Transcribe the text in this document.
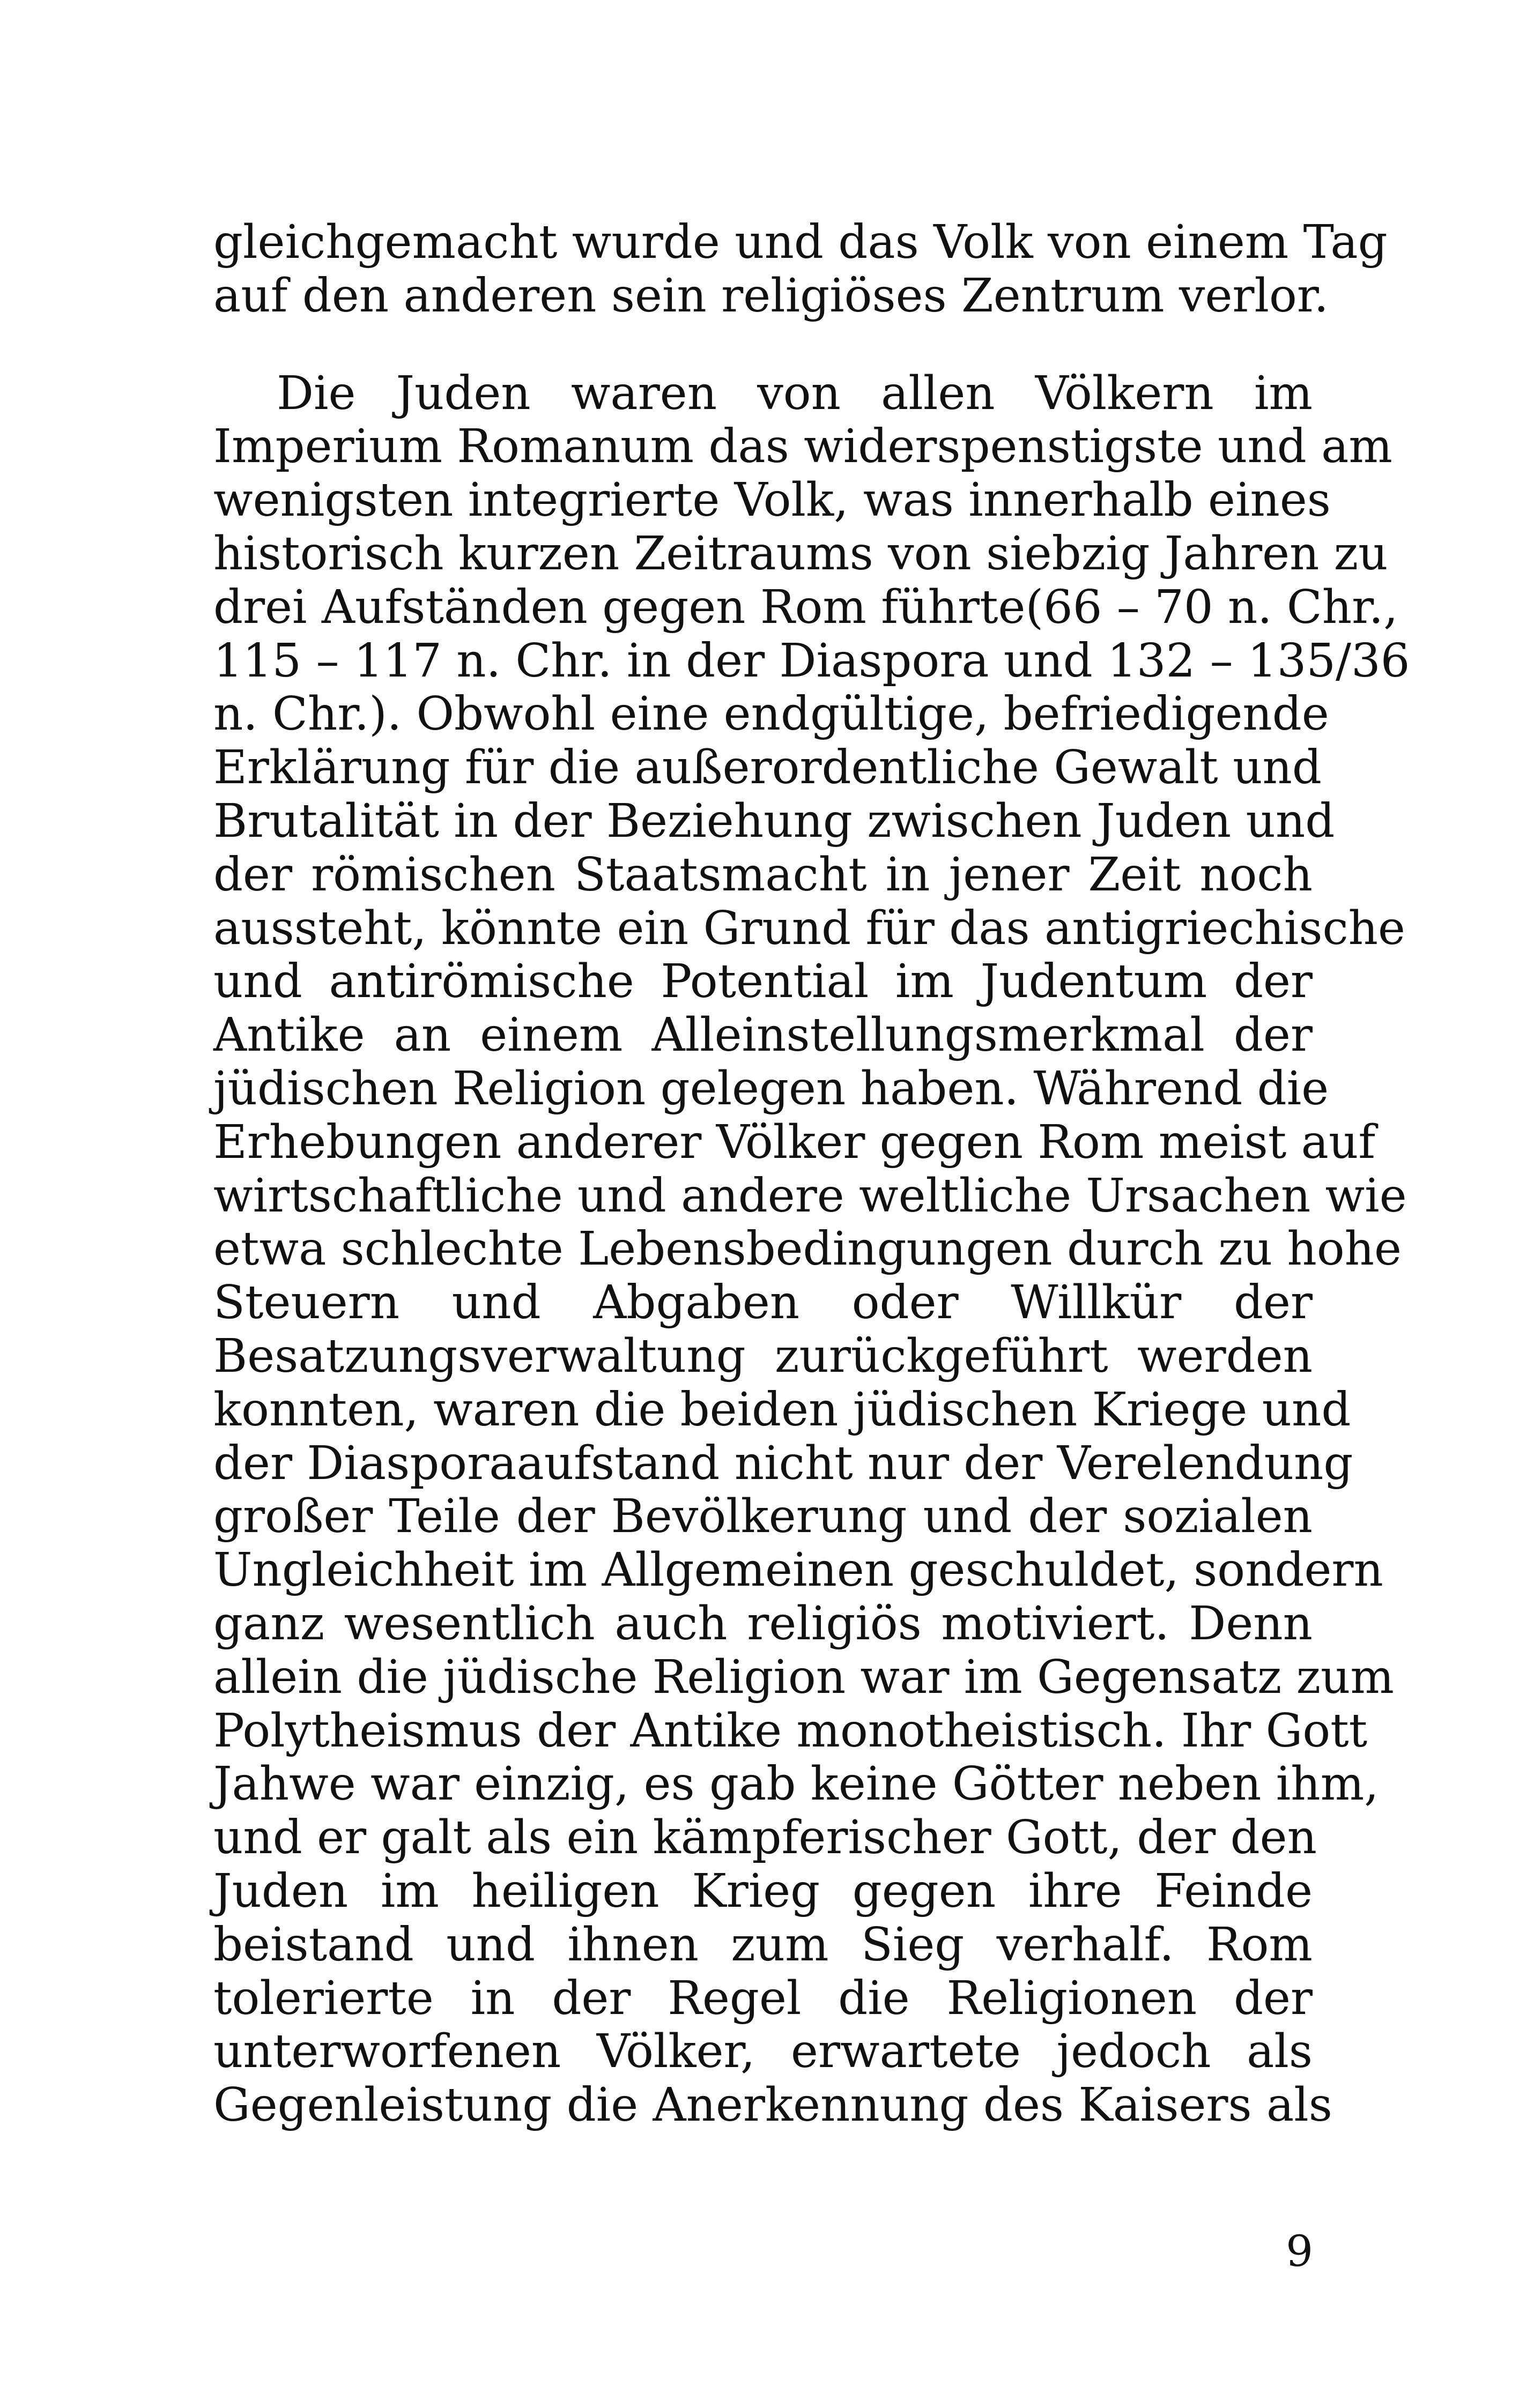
gleichgemacht wurde und das Volk von einem Tag
auf den anderen sein religiöses Zentrum verlor.

Die Juden waren von allen Völkern im
Imperium Romanum das widerspenstigste und am
wenigsten integrierte Volk, was innerhalb eines
historisch kurzen Zeitraums von siebzig Jahren zu
drei Aufständen gegen Rom führte(66 – 70 n. Chr.,
115 – 117 n. Chr. in der Diaspora und 132 – 135/36
n. Chr.). Obwohl eine endgültige, befriedigende
Erklärung für die außerordentliche Gewalt und
Brutalität in der Beziehung zwischen Juden und
der römischen Staatsmacht in jener Zeit noch
aussteht, könnte ein Grund für das antigriechische
und antirömische Potential im Judentum der
Antike an einem Alleinstellungsmerkmal der
jüdischen Religion gelegen haben. Während die
Erhebungen anderer Völker gegen Rom meist auf
wirtschaftliche und andere weltliche Ursachen wie
etwa schlechte Lebensbedingungen durch zu hohe
Steuern und Abgaben oder Willkür der
Besatzungsverwaltung zurückgeführt werden
konnten, waren die beiden jüdischen Kriege und
der Diasporaaufstand nicht nur der Verelendung
großer Teile der Bevölkerung und der sozialen
Ungleichheit im Allgemeinen geschuldet, sondern
ganz wesentlich auch religiös motiviert. Denn
allein die jüdische Religion war im Gegensatz zum
Polytheismus der Antike monotheistisch. Ihr Gott
Jahwe war einzig, es gab keine Götter neben ihm,
und er galt als ein kämpferischer Gott, der den
Juden im heiligen Krieg gegen ihre Feinde
beistand und ihnen zum Sieg verhalf. Rom
tolerierte in der Regel die Religionen der
unterworfenen Völker, erwartete jedoch als
Gegenleistung die Anerkennung des Kaisers als

9
